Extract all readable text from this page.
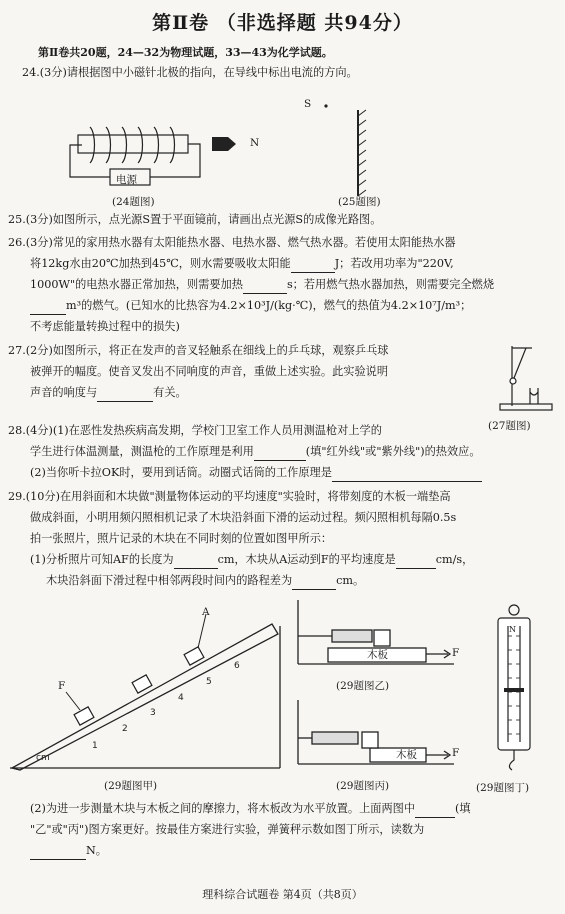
第Ⅱ卷 （非选择题 共94分）
第Ⅱ卷共20题，24—32为物理试题，33—43为化学试题。
24.(3分)请根据图中小磁针北极的指向，在导线中标出电流的方向。
电源
N
(24题图)
S
(25题图)
25.(3分)如图所示，点光源S置于平面镜前，请画出点光源S的成像光路图。
26.(3分)常见的家用热水器有太阳能热水器、电热水器、燃气热水器。若使用太阳能热水器
将12kg水由20℃加热到45℃，则水需要吸收太阳能	J；若改用功率为"220V,
1000W"的电热水器正常加热，则需要加热	s；若用燃气热水器加热，则需要完全燃烧
m³的燃气。(已知水的比热容为4.2×10³J/(kg·℃)，燃气的热值为4.2×10⁷J/m³；
不考虑能量转换过程中的损失)
27.(2分)如图所示，将正在发声的音叉轻触系在细线上的乒乓球，观察乒乓球
被弹开的幅度。使音叉发出不同响度的声音，重做上述实验。此实验说明
声音的响度与	有关。
(27题图)
28.(4分)(1)在恶性发热疾病高发期，学校门卫室工作人员用测温枪对上学的
学生进行体温测量，测温枪的工作原理是利用	(填"红外线"或"紫外线")的热效应。
(2)当你听卡拉OK时，要用到话筒。动圈式话筒的工作原理是
29.(10分)在用斜面和木块做"测量物体运动的平均速度"实验时，将带刻度的木板一端垫高
做成斜面，小明用频闪照相机记录了木块沿斜面下滑的运动过程。频闪照相机每隔0.5s
拍一张照片，照片记录的木块在不同时刻的位置如图甲所示：
(1)分析照片可知AF的长度为	cm，木块从A运动到F的平均速度是	cm/s，
木块沿斜面下滑过程中相邻两段时间内的路程差为	cm。
1
2
3
4
5
6
cm
F
A
(29题图甲)
木板	F
(29题图乙)
木板	F
(29题图丙)
N
(29题图丁)
(2)为进一步测量木块与木板之间的摩擦力，将木板改为水平放置。上面两图中	(填
"乙"或"丙")图方案更好。按最佳方案进行实验，弹簧秤示数如图丁所示，读数为
N。
理科综合试题卷 第4页（共8页）
